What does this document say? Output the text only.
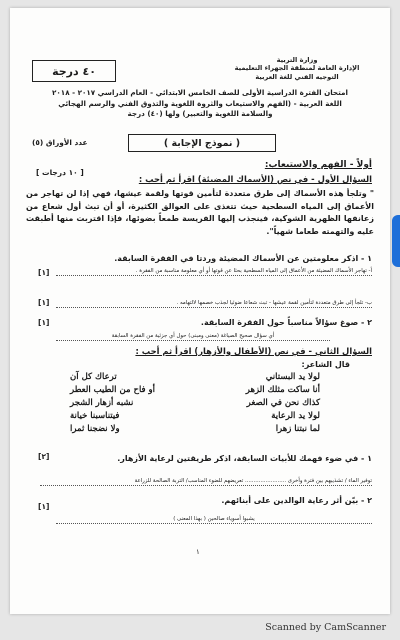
وزارة التربية
الإدارة العامة لمنطقة الجهراء التعليمية
التوجيه الفني للغة العربية
٤٠ درجة
امتحان الفترة الدراسية الأولى للصف الخامس الابتدائي - العام الدراسي ٢٠١٧ - ٢٠١٨
اللغة العربية - (الفهم والاستيعاب والثروة اللغوية والتذوق الفني والرسم الهجائي
والسلامة اللغوية والتعبير) ولها (٤٠) درجة
( نموذج الإجابة )
عدد الأوراق (٥)
أولاً - الفهم والاستيعاب:
[ ١٠ درجات ]
السؤال الأول - في نص (الأسماك المضيئة) اقرأ ثم أجب :
" وتلجأ هذه الأسماك إلى طرق متعددة لتأمين قوتها ولقمة عيشها، فهي إذا لن تهاجر من الأعماق إلى المياه السطحية حيث تتغذى على العوالق الكثيرة، أو أن تبث أول شعاع من زعانفها الظهرية الشوكية، فينجذب إليها الفريسة طمعاً بضوئها، فإذا اقتربت منها أطبقت عليه والتهمته طعاما شهياً".
١ - اذكر معلومتين عن الأسماك المضيئة وردتا في الفقرة السابقة.
أ- تهاجر الأسماك المضيئة من الأعماق إلى المياه السطحية بحثا عن قوتها أو أي معلومة مناسبة من الفقرة .
[١]
ب- تلجأ إلى طرق متعددة لتأمين لقمة عيشها - تبث شعاعا ضوئيا لجذب خصمها لالتهامه .
[١]
٢ - صوغ سؤالاً مناسباً حول الفقرة السابقة.
أي سؤال صحيح الصياغة (معنى ومبنى) حول أي جزئية من الفقرة السابقة
[١]
السؤال الثاني - في نص (الأطفال والأزهار) اقرأ ثم أجب :
قال الشاعر:
لولا يد البستاني
ترعاك كل آن
أنا ساكت مثلك الزهر
أو فاح من الطيب العطر
كذاك نحن في الصغر
نشبه أزهار الشجر
لولا يد الرعاية
فيتناسبنا خيانة
لما نبتنا زهرا
ولا نضجنا ثمرا
١ - في ضوء فهمك للأبيات السابقة، اذكر طريقتين لرعاية الأزهار.
[٢]
توفير الماء / تشذيبهم بين فترة وأخرى ........................ تعريضهم للضوء المناسب/ التربة الصالحة للزراعة
٢ - بيّن أثر رعاية الوالدين على أبنائهم.
[١]
يشبوا أسوياء صالحين ( بهذا المعنى )
١
Scanned by CamScanner
